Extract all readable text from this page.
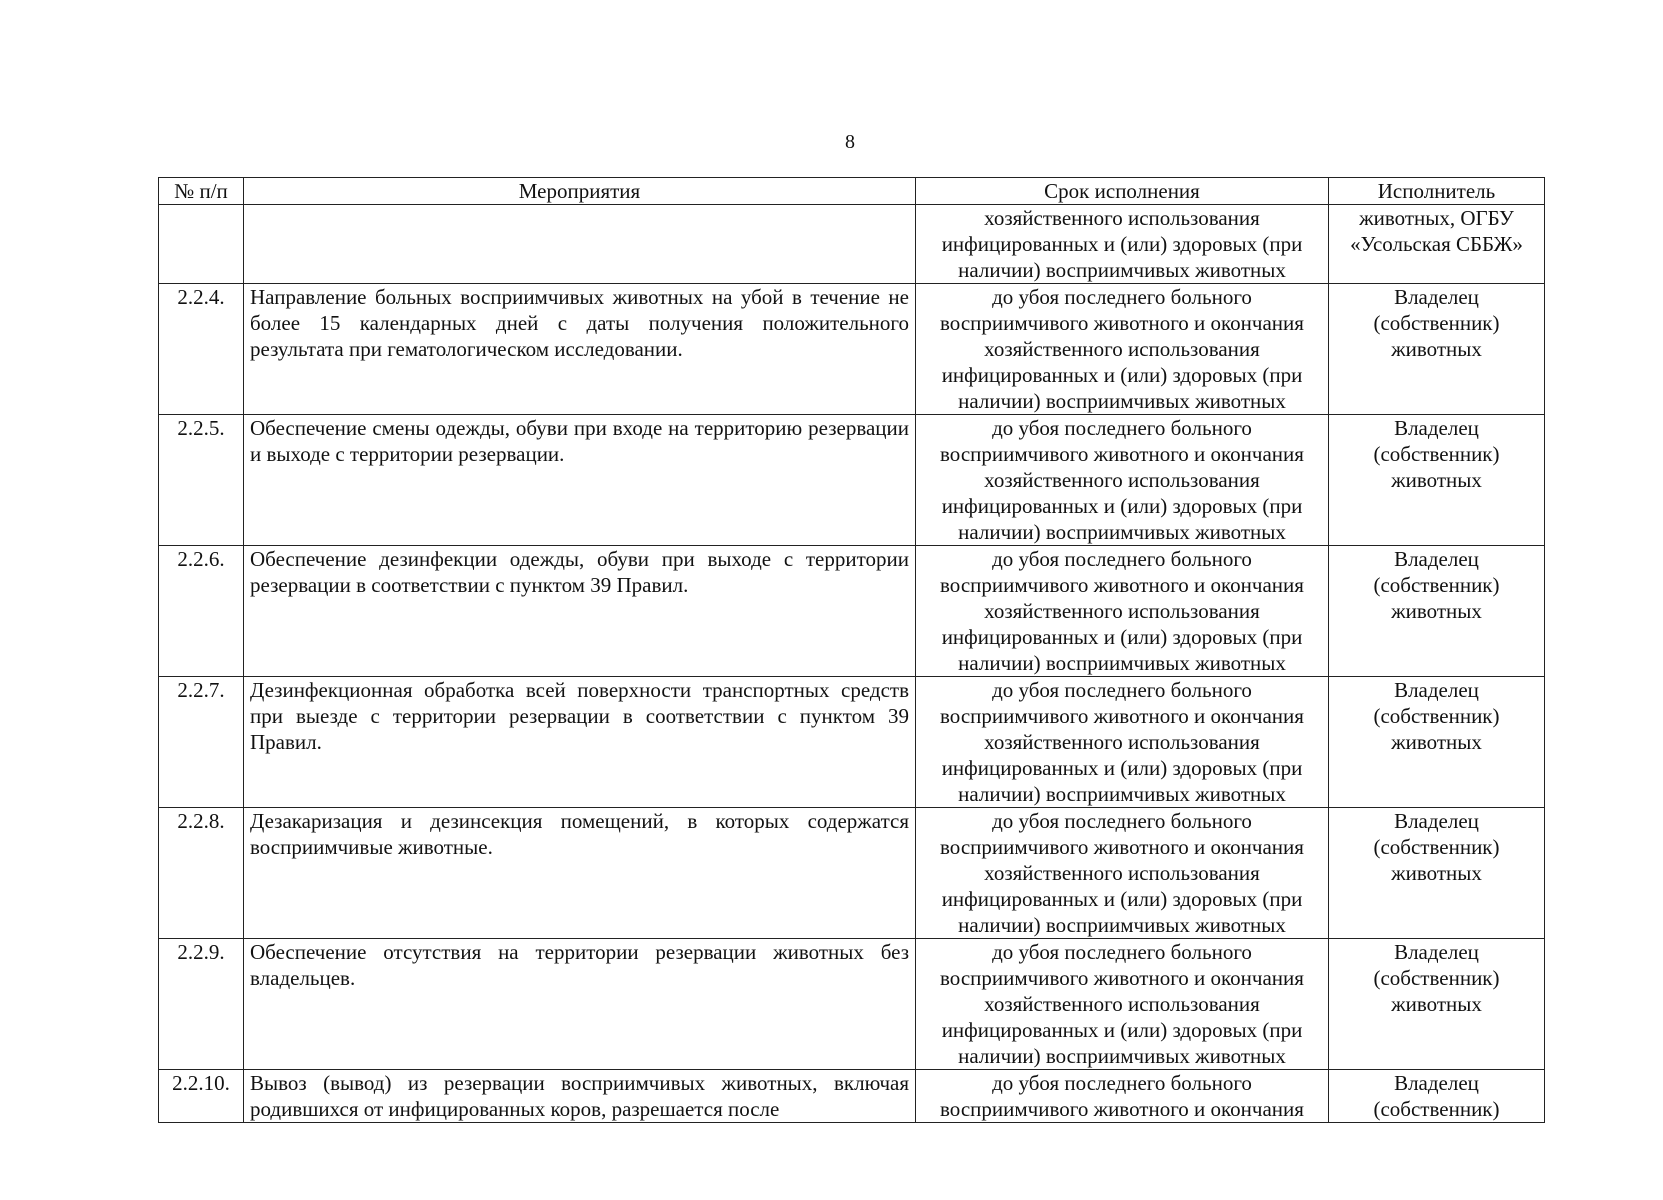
8
№ п/п	Мероприятия	Срок исполнения	Исполнитель
		хозяйственного использования инфицированных и (или) здоровых (при наличии) восприимчивых животных	животных, ОГБУ «Усольская СББЖ»
2.2.4.	Направление больных восприимчивых животных на убой в течение не более 15 календарных дней с даты получения положительного результата при гематологическом исследовании.	до убоя последнего больного восприимчивого животного и окончания хозяйственного использования инфицированных и (или) здоровых (при наличии) восприимчивых животных	Владелец (собственник) животных
2.2.5.	Обеспечение смены одежды, обуви при входе на территорию резервации и выходе с территории резервации.	до убоя последнего больного восприимчивого животного и окончания хозяйственного использования инфицированных и (или) здоровых (при наличии) восприимчивых животных	Владелец (собственник) животных
2.2.6.	Обеспечение дезинфекции одежды, обуви при выходе с территории резервации в соответствии с пунктом 39 Правил.	до убоя последнего больного восприимчивого животного и окончания хозяйственного использования инфицированных и (или) здоровых (при наличии) восприимчивых животных	Владелец (собственник) животных
2.2.7.	Дезинфекционная обработка всей поверхности транспортных средств при выезде с территории резервации в соответствии с пунктом 39 Правил.	до убоя последнего больного восприимчивого животного и окончания хозяйственного использования инфицированных и (или) здоровых (при наличии) восприимчивых животных	Владелец (собственник) животных
2.2.8.	Дезакаризация и дезинсекция помещений, в которых содержатся восприимчивые животные.	до убоя последнего больного восприимчивого животного и окончания хозяйственного использования инфицированных и (или) здоровых (при наличии) восприимчивых животных	Владелец (собственник) животных
2.2.9.	Обеспечение отсутствия на территории резервации животных без владельцев.	до убоя последнего больного восприимчивого животного и окончания хозяйственного использования инфицированных и (или) здоровых (при наличии) восприимчивых животных	Владелец (собственник) животных
2.2.10.	Вывоз (вывод) из резервации восприимчивых животных, включая родившихся от инфицированных коров, разрешается после	до убоя последнего больного восприимчивого животного и окончания	Владелец (собственник)
